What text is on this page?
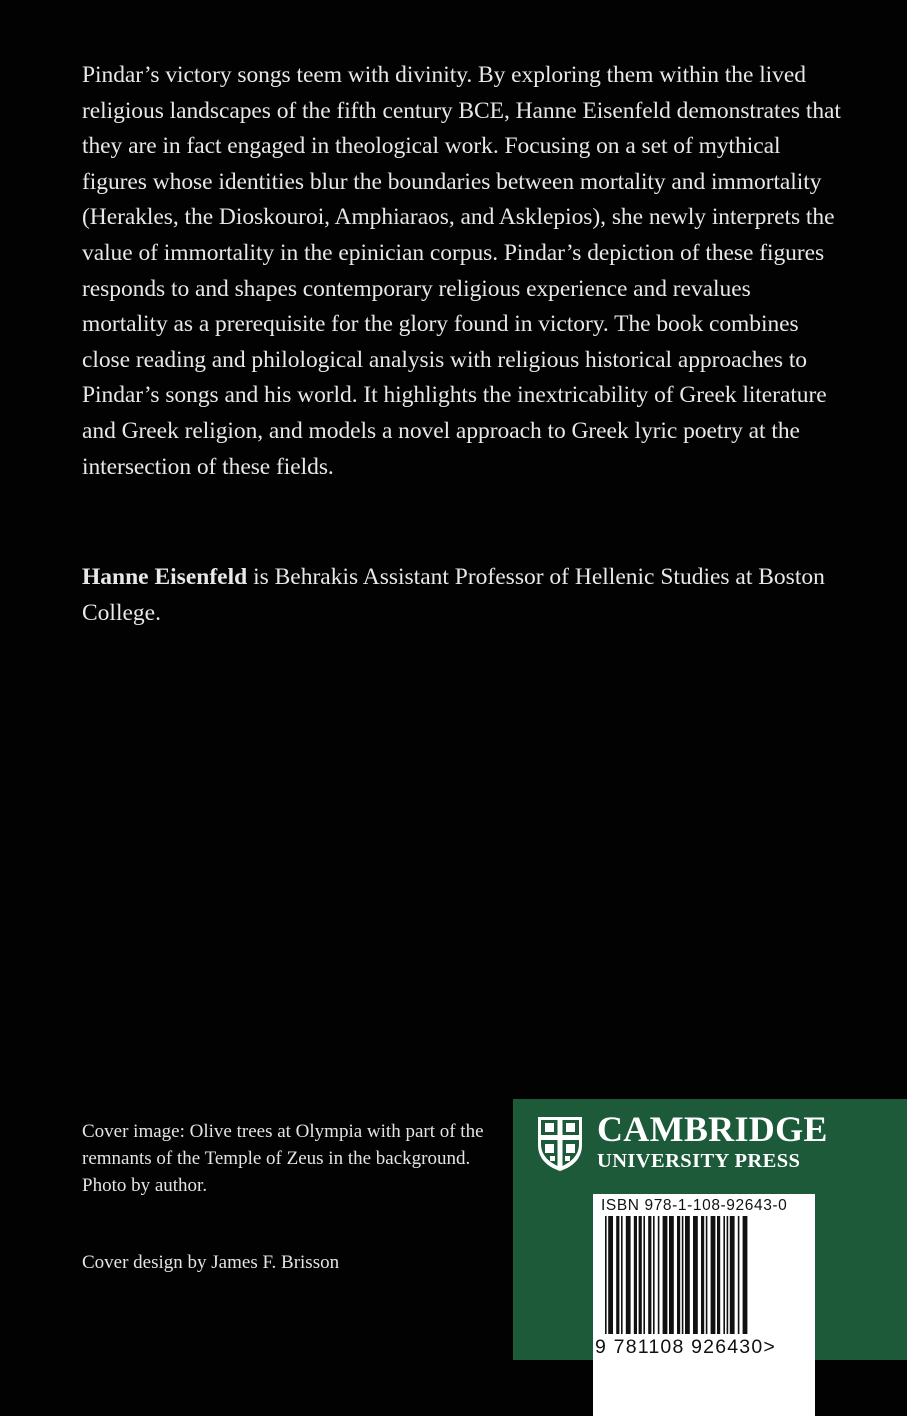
Pindar’s victory songs teem with divinity. By exploring them within the lived religious landscapes of the fifth century BCE, Hanne Eisenfeld demonstrates that they are in fact engaged in theological work. Focusing on a set of mythical figures whose identities blur the boundaries between mortality and immortality (Herakles, the Dioskouroi, Amphiaraos, and Asklepios), she newly interprets the value of immortality in the epinician corpus. Pindar’s depiction of these figures responds to and shapes contemporary religious experience and revalues mortality as a prerequisite for the glory found in victory. The book combines close reading and philological analysis with religious historical approaches to Pindar’s songs and his world. It highlights the inextricability of Greek literature and Greek religion, and models a novel approach to Greek lyric poetry at the intersection of these fields.

Hanne Eisenfeld is Behrakis Assistant Professor of Hellenic Studies at Boston College.

Cover image: Olive trees at Olympia with part of the remnants of the Temple of Zeus in the background. Photo by author.

Cover design by James F. Brisson

CAMBRIDGE
UNIVERSITY PRESS
ISBN 978-1-108-92643-0
9 781108 926430>
